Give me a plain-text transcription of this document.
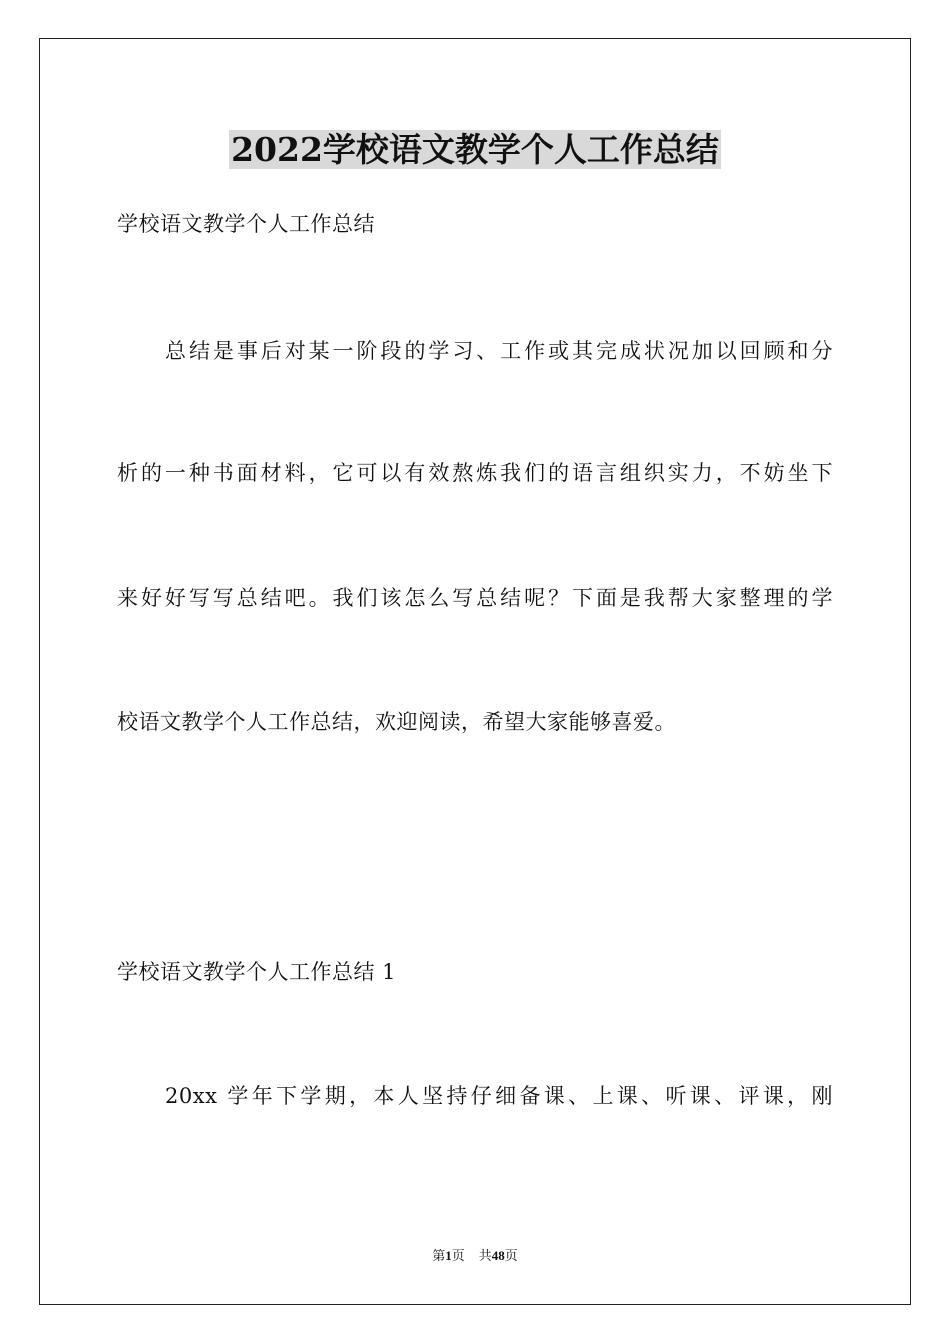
2022学校语文教学个人工作总结
学校语文教学个人工作总结
总结是事后对某一阶段的学习、工作或其完成状况加以回顾和分
析的一种书面材料，它可以有效熬炼我们的语言组织实力，不妨坐下
来好好写写总结吧。我们该怎么写总结呢？下面是我帮大家整理的学
校语文教学个人工作总结，欢迎阅读，希望大家能够喜爱。
学校语文教学个人工作总结 1
20xx 学年下学期，本人坚持仔细备课、上课、听课、评课，刚
第1页 共48页
